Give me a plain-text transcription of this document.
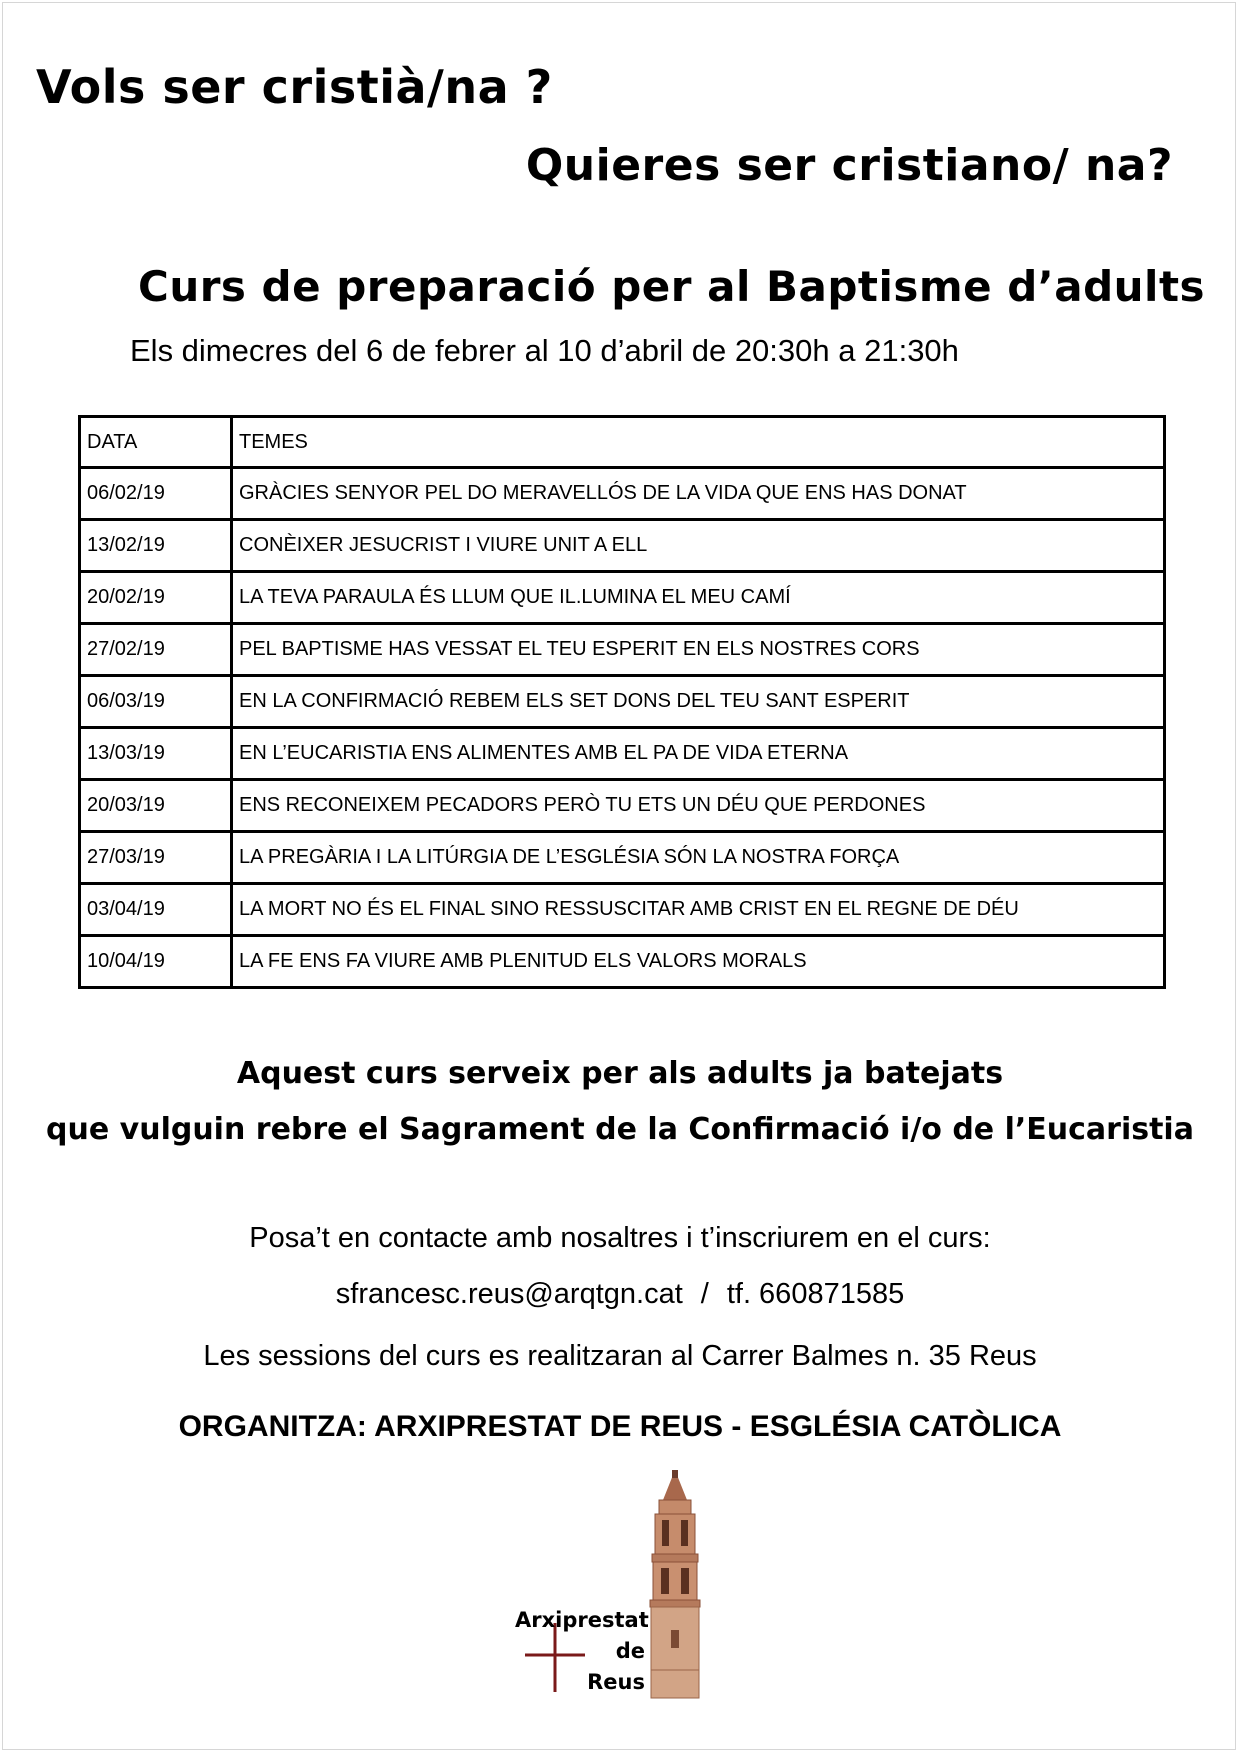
Vols ser cristià/na ?
Quieres ser cristiano/ na?
Curs de preparació per al Baptisme d’adults
Els dimecres del 6 de febrer al 10 d’abril de 20:30h a 21:30h
DATA	TEMES
06/02/19	GRÀCIES SENYOR PEL DO MERAVELLÓS DE LA VIDA QUE ENS HAS DONAT
13/02/19	CONÈIXER JESUCRIST I VIURE UNIT A ELL
20/02/19	LA TEVA PARAULA ÉS LLUM QUE IL.LUMINA EL MEU CAMÍ
27/02/19	PEL BAPTISME HAS VESSAT EL TEU ESPERIT EN ELS NOSTRES CORS
06/03/19	EN LA CONFIRMACIÓ REBEM ELS SET DONS DEL TEU SANT ESPERIT
13/03/19	EN L’EUCARISTIA ENS ALIMENTES AMB EL PA DE VIDA ETERNA
20/03/19	ENS RECONEIXEM PECADORS PERÒ TU ETS UN DÉU QUE PERDONES
27/03/19	LA PREGÀRIA I LA LITÚRGIA DE L’ESGLÉSIA SÓN LA NOSTRA FORÇA
03/04/19	LA MORT NO ÉS EL FINAL SINO RESSUSCITAR AMB CRIST EN EL REGNE DE DÉU
10/04/19	LA FE ENS FA VIURE AMB PLENITUD ELS VALORS MORALS
Aquest curs serveix per als adults ja batejats
que vulguin rebre el Sagrament de la Confirmació i/o de l’Eucaristia
Posa’t en contacte amb nosaltres i t’inscriurem en el curs:
sfrancesc.reus@arqtgn.cat / tf. 660871585
Les sessions del curs es realitzaran al Carrer Balmes n. 35 Reus
ORGANITZA: ARXIPRESTAT DE REUS - ESGLÉSIA CATÒLICA
Arxiprestat
de
Reus
